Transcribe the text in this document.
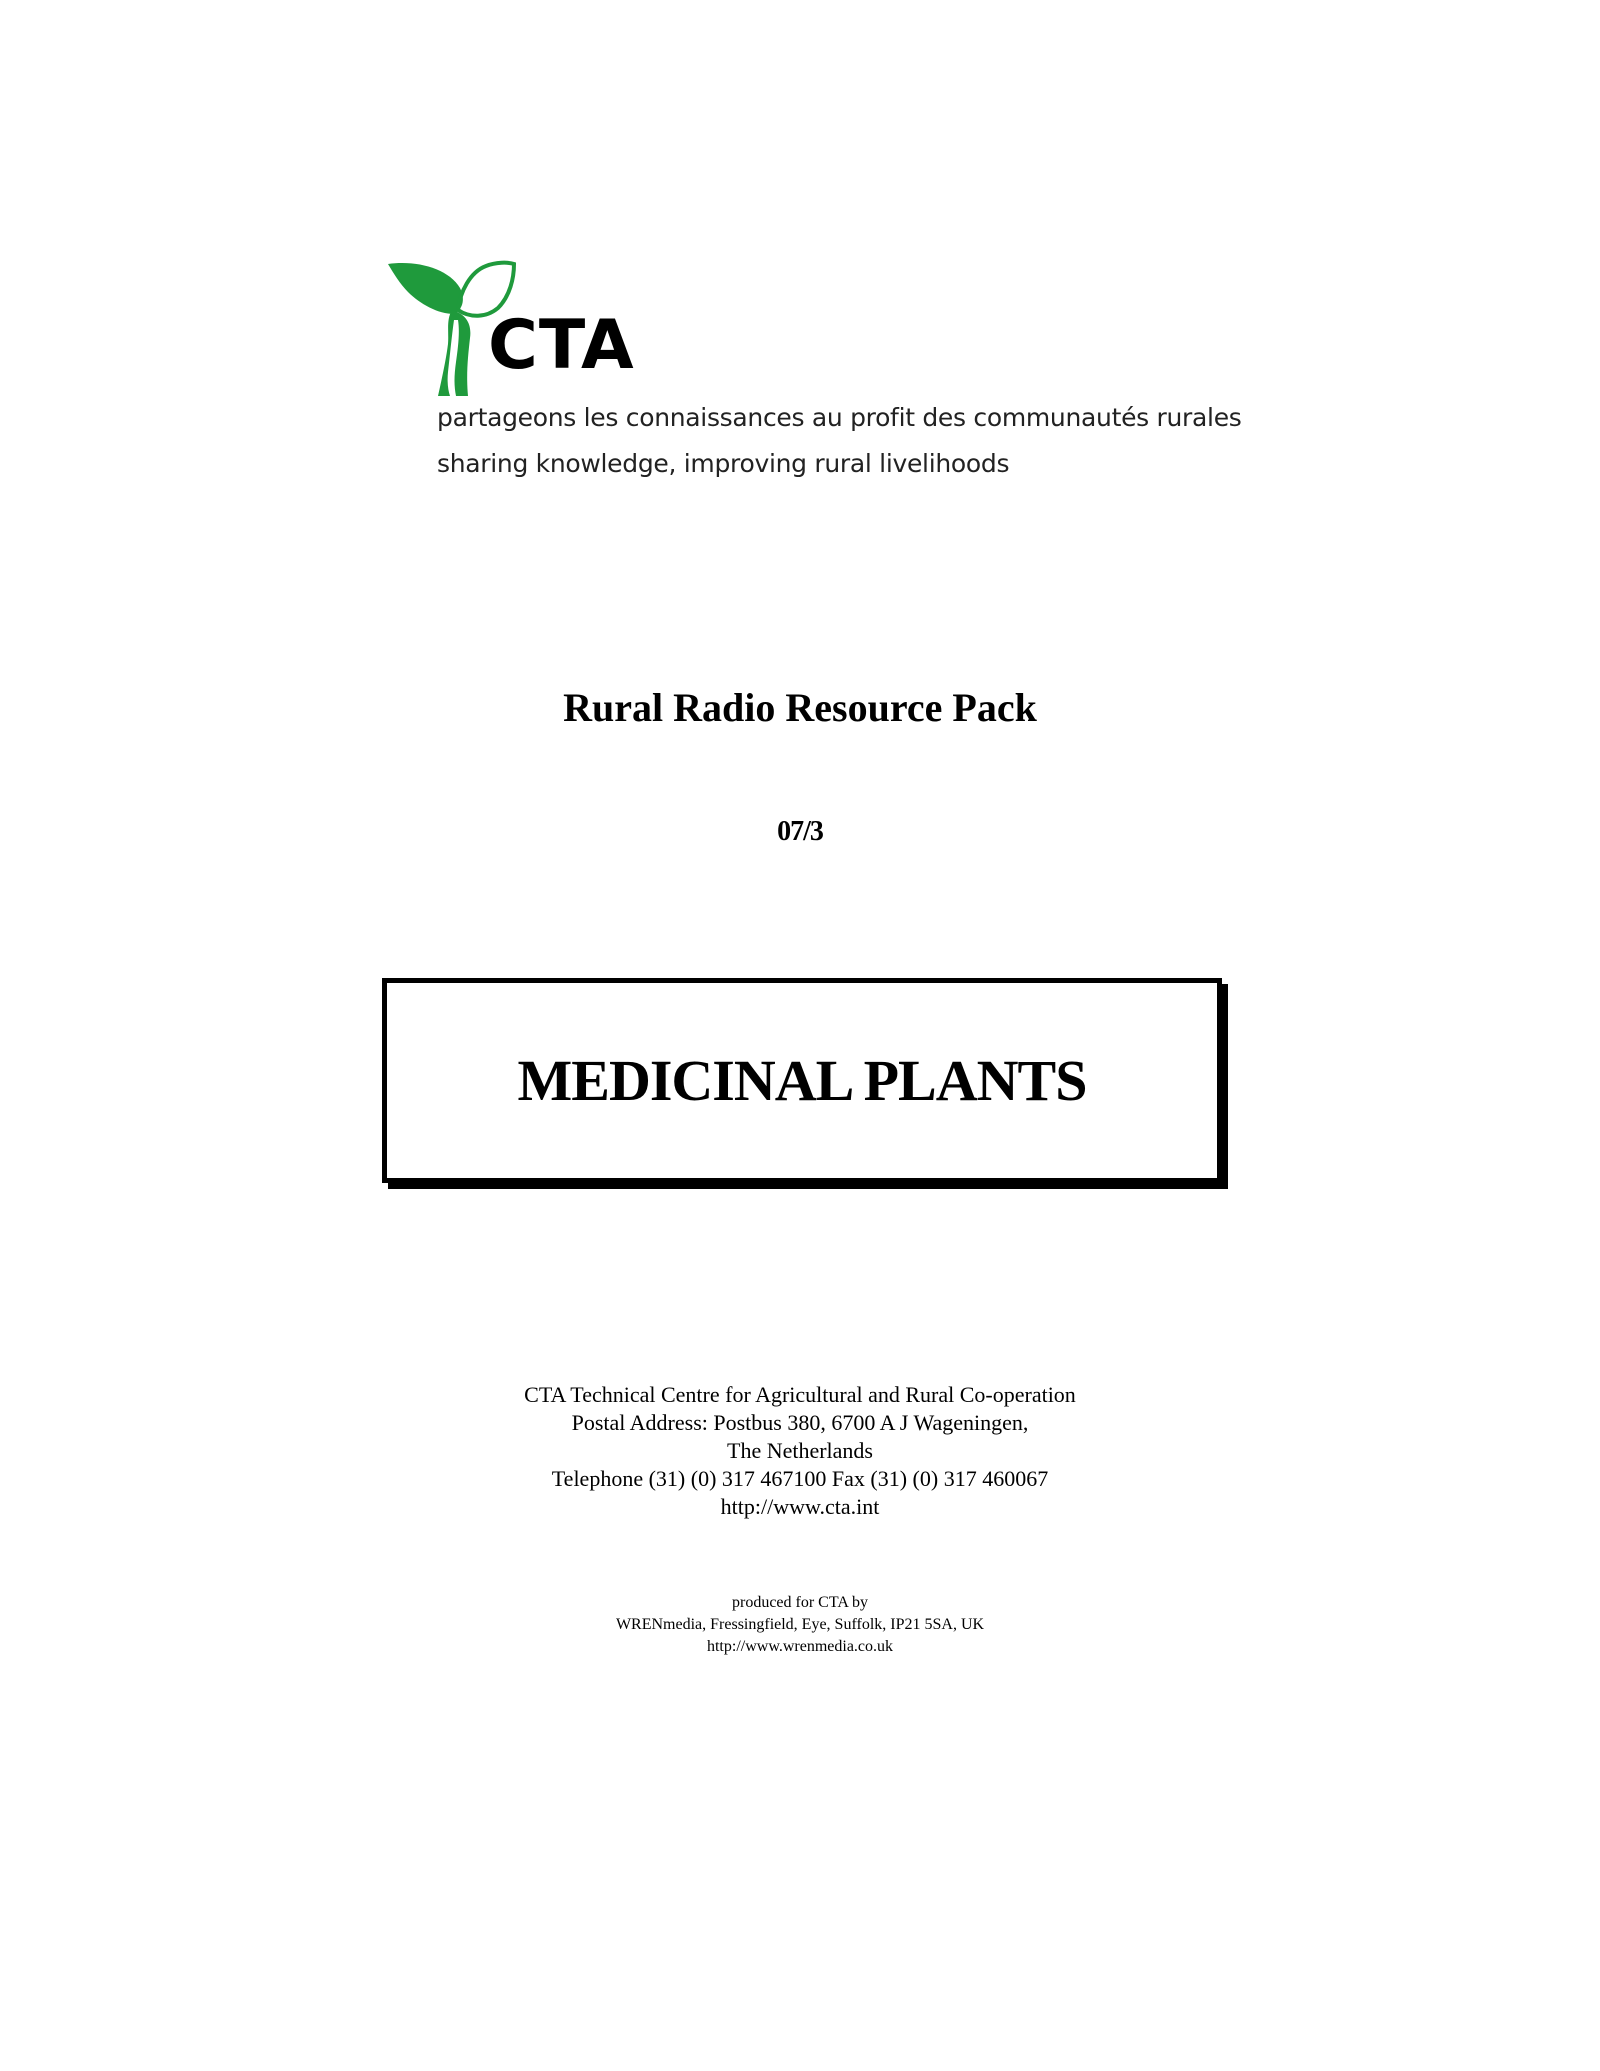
CTA
partageons les connaissances au profit des communautés rurales
sharing knowledge, improving rural livelihoods
Rural Radio Resource Pack
07/3
MEDICINAL PLANTS
CTA Technical Centre for Agricultural and Rural Co-operation
Postal Address: Postbus 380, 6700 A J Wageningen,
The Netherlands
Telephone (31) (0) 317 467100 Fax (31) (0) 317 460067
http://www.cta.int
produced for CTA by
WRENmedia, Fressingfield, Eye, Suffolk, IP21 5SA, UK
http://www.wrenmedia.co.uk
